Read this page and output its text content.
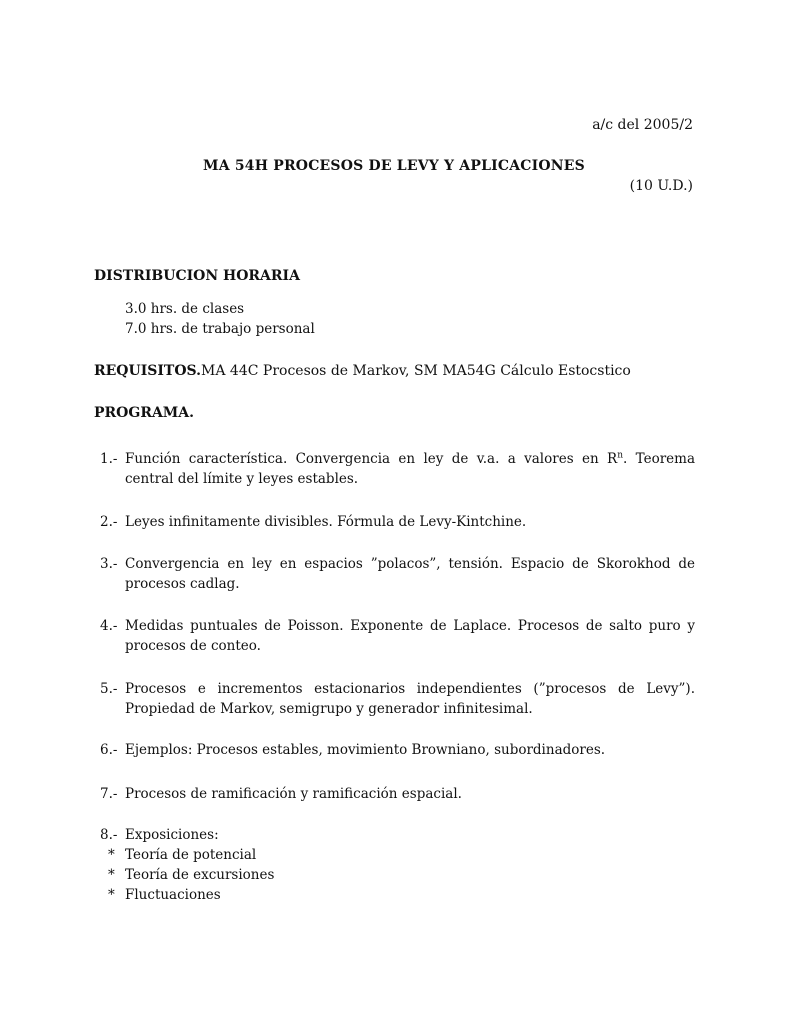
a/c del 2005/2
MA 54H PROCESOS DE LEVY Y APLICACIONES
(10 U.D.)
DISTRIBUCION HORARIA
3.0 hrs. de clases
7.0 hrs. de trabajo personal
REQUISITOS.MA 44C Procesos de Markov, SM MA54G Cálculo Estocstico
PROGRAMA.
1.- Función característica. Convergencia en ley de v.a. a valores en $R^n$. Teorema central del límite y leyes estables.
2.- Leyes infinitamente divisibles. Fórmula de Levy-Kintchine.
3.- Convergencia en ley en espacios ”polacos”, tensión. Espacio de Skorokhod de procesos cadlag.
4.- Medidas puntuales de Poisson. Exponente de Laplace. Procesos de salto puro y procesos de conteo.
5.- Procesos e incrementos estacionarios independientes (”procesos de Levy”). Propiedad de Markov, semigrupo y generador infinitesimal.
6.- Ejemplos: Procesos estables, movimiento Browniano, subordinadores.
7.- Procesos de ramificación y ramificación espacial.
8.- Exposiciones:
* Teoría de potencial
* Teoría de excursiones
* Fluctuaciones
